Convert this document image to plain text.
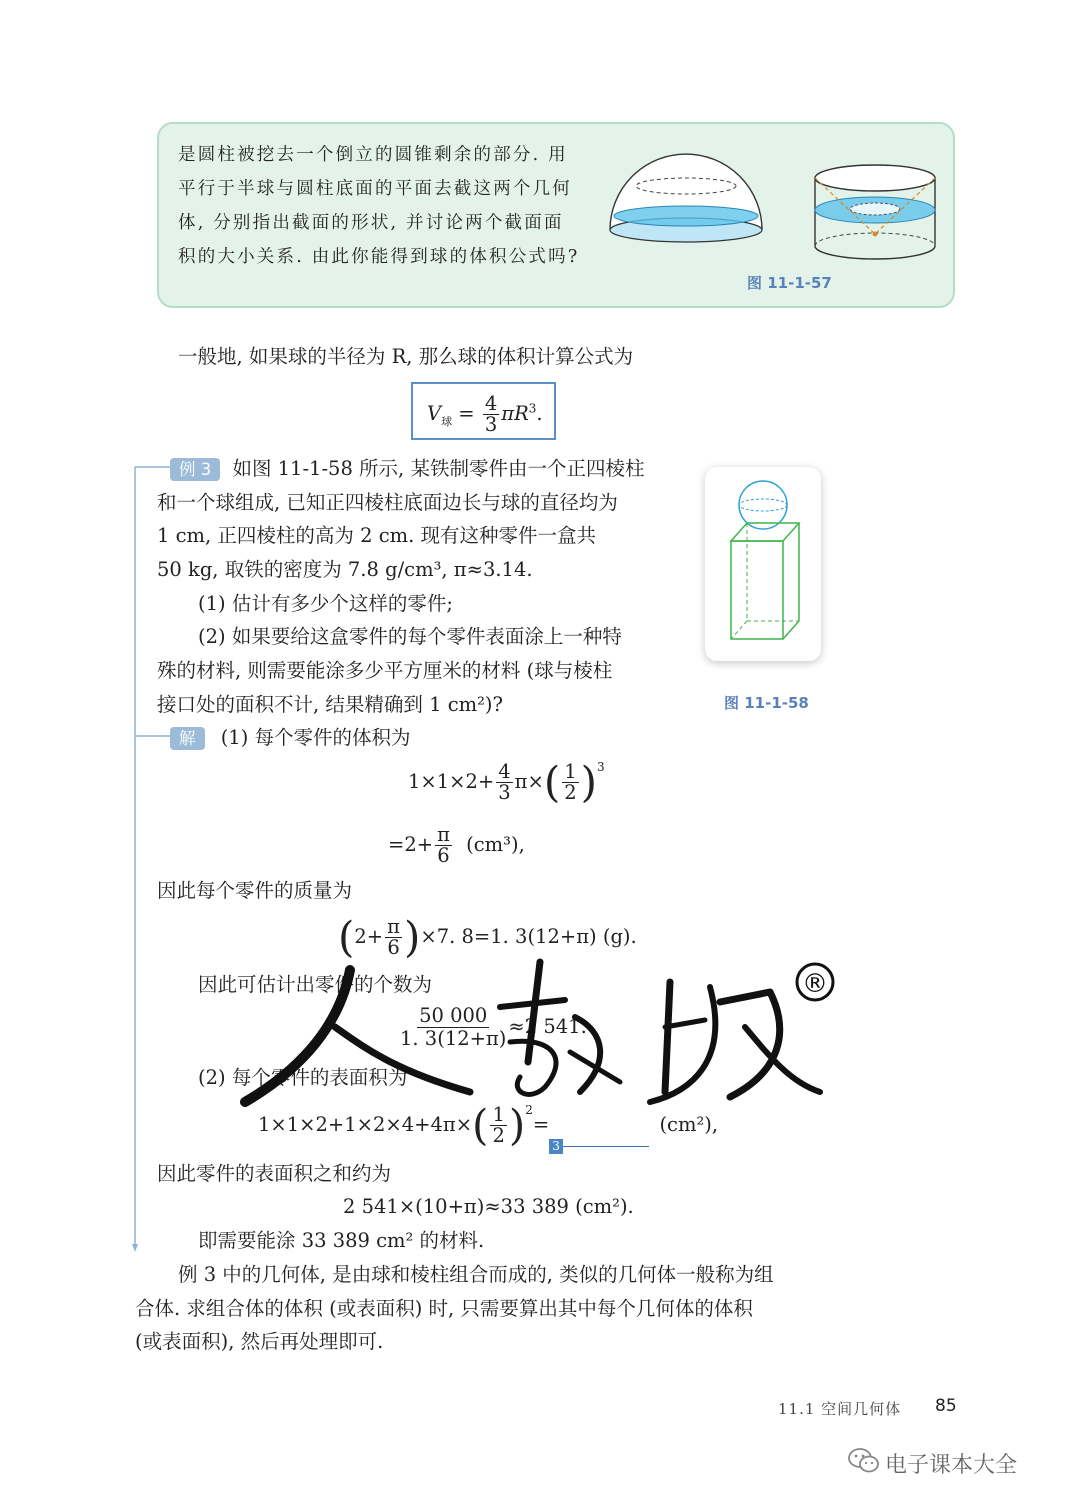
是圆柱被挖去一个倒立的圆锥剩余的部分. 用
平行于半球与圆柱底面的平面去截这两个几何
体, 分别指出截面的形状, 并讨论两个截面面
积的大小关系. 由此你能得到球的体积公式吗?
图 11-1-57
一般地, 如果球的半径为 R, 那么球的体积计算公式为
$V_球 = \frac{4}{3} \pi R^3$.
例 3 如图 11-1-58 所示, 某铁制零件由一个正四棱柱
和一个球组成, 已知正四棱柱底面边长与球的直径均为
1 cm, 正四棱柱的高为 2 cm. 现有这种零件一盒共
50 kg, 取铁的密度为 7.8 g/cm³, π≈3.14.
(1) 估计有多少个这样的零件;
(2) 如果要给这盒零件的每个零件表面涂上一种特
殊的材料, 则需要能涂多少平方厘米的材料 (球与棱柱
接口处的面积不计, 结果精确到 1 cm²)?	图 11-1-58
解 (1) 每个零件的体积为
$1\times 1\times 2+ \frac{4}{3} \pi\times( \frac{1}{2} )^3$
$=2+ \frac{\pi}{6} (cm^3)$,
因此每个零件的质量为
$(2+ \frac{\pi}{6} )\times 7$. 8=1. 3(12+π) (g).
因此可估计出零件的个数为
$\frac{50 000}{1. 3(12+\pi)} \approx 2$ 541.
(2) 每个零件的表面积为
$1\times 1\times 2+1\times 2\times 4+4\pi\times( \frac{1}{2} )^2=3$ (cm²),
因此零件的表面积之和约为
2 541×(10+π)≈33 389 (cm²).
即需要能涂 33 389 cm² 的材料.
例 3 中的几何体, 是由球和棱柱组合而成的, 类似的几何体一般称为组
合体. 求组合体的体积 (或表面积) 时, 只需要算出其中每个几何体的体积
(或表面积), 然后再处理即可.
11.1 空间几何体 85
®
电子课本大全
